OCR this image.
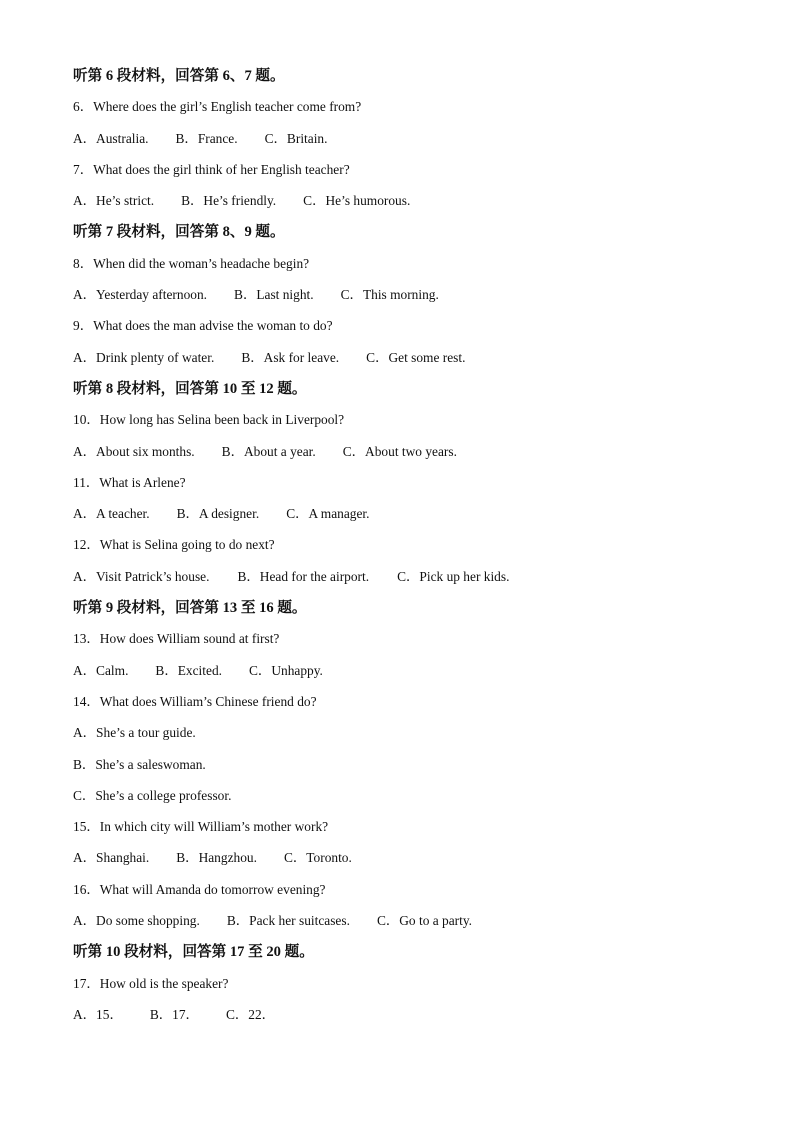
听第 6 段材料，回答第 6、7 题。
6．Where does the girl’s English teacher come from?
A．Australia. B．France. C．Britain.
7．What does the girl think of her English teacher?
A．He’s strict. B．He’s friendly. C．He’s humorous.
听第 7 段材料，回答第 8、9 题。
8．When did the woman’s headache begin?
A．Yesterday afternoon. B．Last night. C．This morning.
9．What does the man advise the woman to do?
A．Drink plenty of water. B．Ask for leave. C．Get some rest.
听第 8 段材料，回答第 10 至 12 题。
10．How long has Selina been back in Liverpool?
A．About six months. B．About a year. C．About two years.
11．What is Arlene?
A．A teacher. B．A designer. C．A manager.
12．What is Selina going to do next?
A．Visit Patrick’s house. B．Head for the airport. C．Pick up her kids.
听第 9 段材料，回答第 13 至 16 题。
13．How does William sound at first?
A．Calm. B．Excited. C．Unhappy.
14．What does William’s Chinese friend do?
A．She’s a tour guide.
B．She’s a saleswoman.
C．She’s a college professor.
15．In which city will William’s mother work?
A．Shanghai. B．Hangzhou. C．Toronto.
16．What will Amanda do tomorrow evening?
A．Do some shopping. B．Pack her suitcases. C．Go to a party.
听第 10 段材料，回答第 17 至 20 题。
17．How old is the speaker?
A．15． B．17． C．22．
